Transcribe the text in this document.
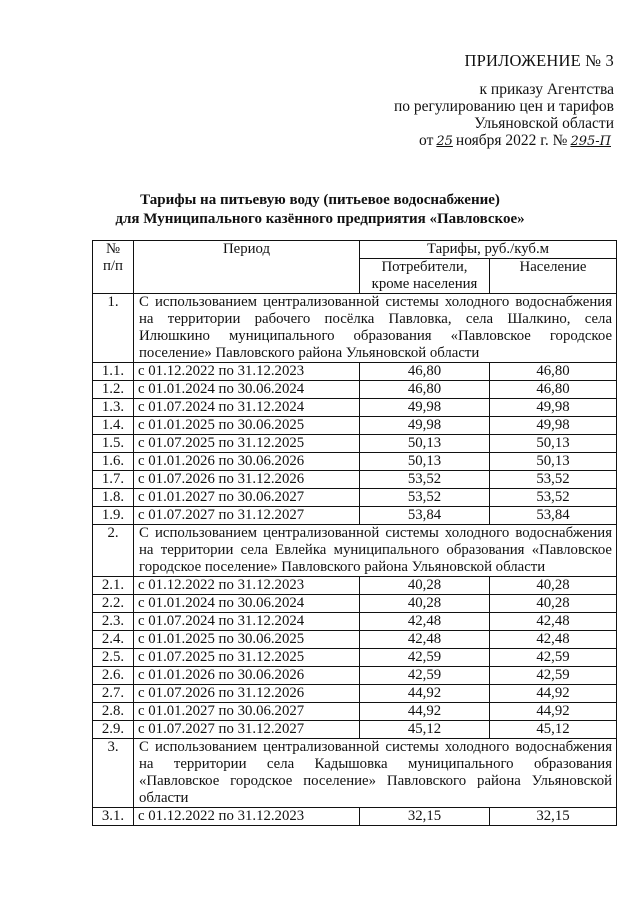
ПРИЛОЖЕНИЕ № 3
к приказу Агентства
по регулированию цен и тарифов
Ульяновской области
от 25 ноября 2022 г. № 295-П
Тарифы на питьевую воду (питьевое водоснабжение)
для Муниципального казённого предприятия «Павловское»
№
п/п	Период	Тарифы, руб./куб.м	
		Потребители, кроме населения	Население
1.	С использованием централизованной системы холодного водоснабжения на территории рабочего посёлка Павловка, села Шалкино, села Илюшкино муниципального образования «Павловское городское поселение» Павловского района Ульяновской области		
1.1.	с 01.12.2022 по 31.12.2023	46,80	46,80
1.2.	с 01.01.2024 по 30.06.2024	46,80	46,80
1.3.	с 01.07.2024 по 31.12.2024	49,98	49,98
1.4.	с 01.01.2025 по 30.06.2025	49,98	49,98
1.5.	с 01.07.2025 по 31.12.2025	50,13	50,13
1.6.	с 01.01.2026 по 30.06.2026	50,13	50,13
1.7.	с 01.07.2026 по 31.12.2026	53,52	53,52
1.8.	с 01.01.2027 по 30.06.2027	53,52	53,52
1.9.	с 01.07.2027 по 31.12.2027	53,84	53,84
2.	С использованием централизованной системы холодного водоснабжения на территории села Евлейка муниципального образования «Павловское городское поселение» Павловского района Ульяновской области		
2.1.	с 01.12.2022 по 31.12.2023	40,28	40,28
2.2.	с 01.01.2024 по 30.06.2024	40,28	40,28
2.3.	с 01.07.2024 по 31.12.2024	42,48	42,48
2.4.	с 01.01.2025 по 30.06.2025	42,48	42,48
2.5.	с 01.07.2025 по 31.12.2025	42,59	42,59
2.6.	с 01.01.2026 по 30.06.2026	42,59	42,59
2.7.	с 01.07.2026 по 31.12.2026	44,92	44,92
2.8.	с 01.01.2027 по 30.06.2027	44,92	44,92
2.9.	с 01.07.2027 по 31.12.2027	45,12	45,12
3.	С использованием централизованной системы холодного водоснабжения на территории села Кадышовка муниципального образования «Павловское городское поселение» Павловского района Ульяновской области		
3.1.	с 01.12.2022 по 31.12.2023	32,15	32,15
